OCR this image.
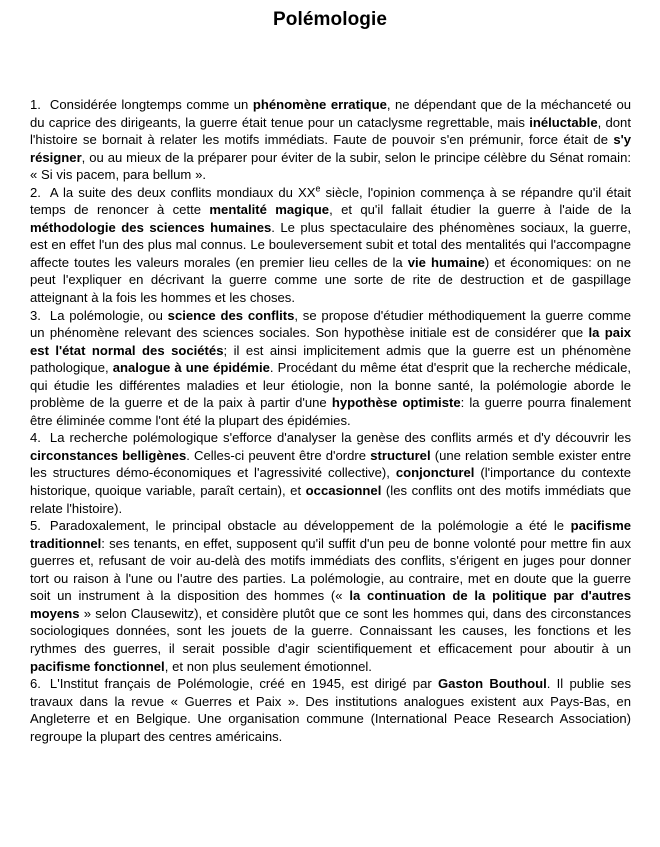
Polémologie

1. Considérée longtemps comme un phénomène erratique, ne dépendant que de la méchanceté ou du caprice des dirigeants, la guerre était tenue pour un cataclysme regrettable, mais inéluctable, dont l'histoire se bornait à relater les motifs immédiats. Faute de pouvoir s'en prémunir, force était de s'y résigner, ou au mieux de la préparer pour éviter de la subir, selon le principe célèbre du Sénat romain: « Si vis pacem, para bellum ».

2. A la suite des deux conflits mondiaux du XXe siècle, l'opinion commença à se répandre qu'il était temps de renoncer à cette mentalité magique, et qu'il fallait étudier la guerre à l'aide de la méthodologie des sciences humaines. Le plus spectaculaire des phénomènes sociaux, la guerre, est en effet l'un des plus mal connus. Le bouleversement subit et total des mentalités qui l'accompagne affecte toutes les valeurs morales (en premier lieu celles de la vie humaine) et économiques: on ne peut l'expliquer en décrivant la guerre comme une sorte de rite de destruction et de gaspillage atteignant à la fois les hommes et les choses.

3. La polémologie, ou science des conflits, se propose d'étudier méthodiquement la guerre comme un phénomène relevant des sciences sociales. Son hypothèse initiale est de considérer que la paix est l'état normal des sociétés; il est ainsi implicitement admis que la guerre est un phénomène pathologique, analogue à une épidémie. Procédant du même état d'esprit que la recherche médicale, qui étudie les différentes maladies et leur étiologie, non la bonne santé, la polémologie aborde le problème de la guerre et de la paix à partir d'une hypothèse optimiste: la guerre pourra finalement être éliminée comme l'ont été la plupart des épidémies.

4. La recherche polémologique s'efforce d'analyser la genèse des conflits armés et d'y découvrir les circonstances belligènes. Celles-ci peuvent être d'ordre structurel (une relation semble exister entre les structures démo-économiques et l'agressivité collective), conjoncturel (l'importance du contexte historique, quoique variable, paraît certain), et occasionnel (les conflits ont des motifs immédiats que relate l'histoire).

5. Paradoxalement, le principal obstacle au développement de la polémologie a été le pacifisme traditionnel: ses tenants, en effet, supposent qu'il suffit d'un peu de bonne volonté pour mettre fin aux guerres et, refusant de voir au-delà des motifs immédiats des conflits, s'érigent en juges pour donner tort ou raison à l'une ou l'autre des parties. La polémologie, au contraire, met en doute que la guerre soit un instrument à la disposition des hommes (« la continuation de la politique par d'autres moyens » selon Clausewitz), et considère plutôt que ce sont les hommes qui, dans des circonstances sociologiques données, sont les jouets de la guerre. Connaissant les causes, les fonctions et les rythmes des guerres, il serait possible d'agir scientifiquement et efficacement pour aboutir à un pacifisme fonctionnel, et non plus seulement émotionnel.

6. L'Institut français de Polémologie, créé en 1945, est dirigé par Gaston Bouthoul. Il publie ses travaux dans la revue « Guerres et Paix ». Des institutions analogues existent aux Pays-Bas, en Angleterre et en Belgique. Une organisation commune (International Peace Research Association) regroupe la plupart des centres américains.
